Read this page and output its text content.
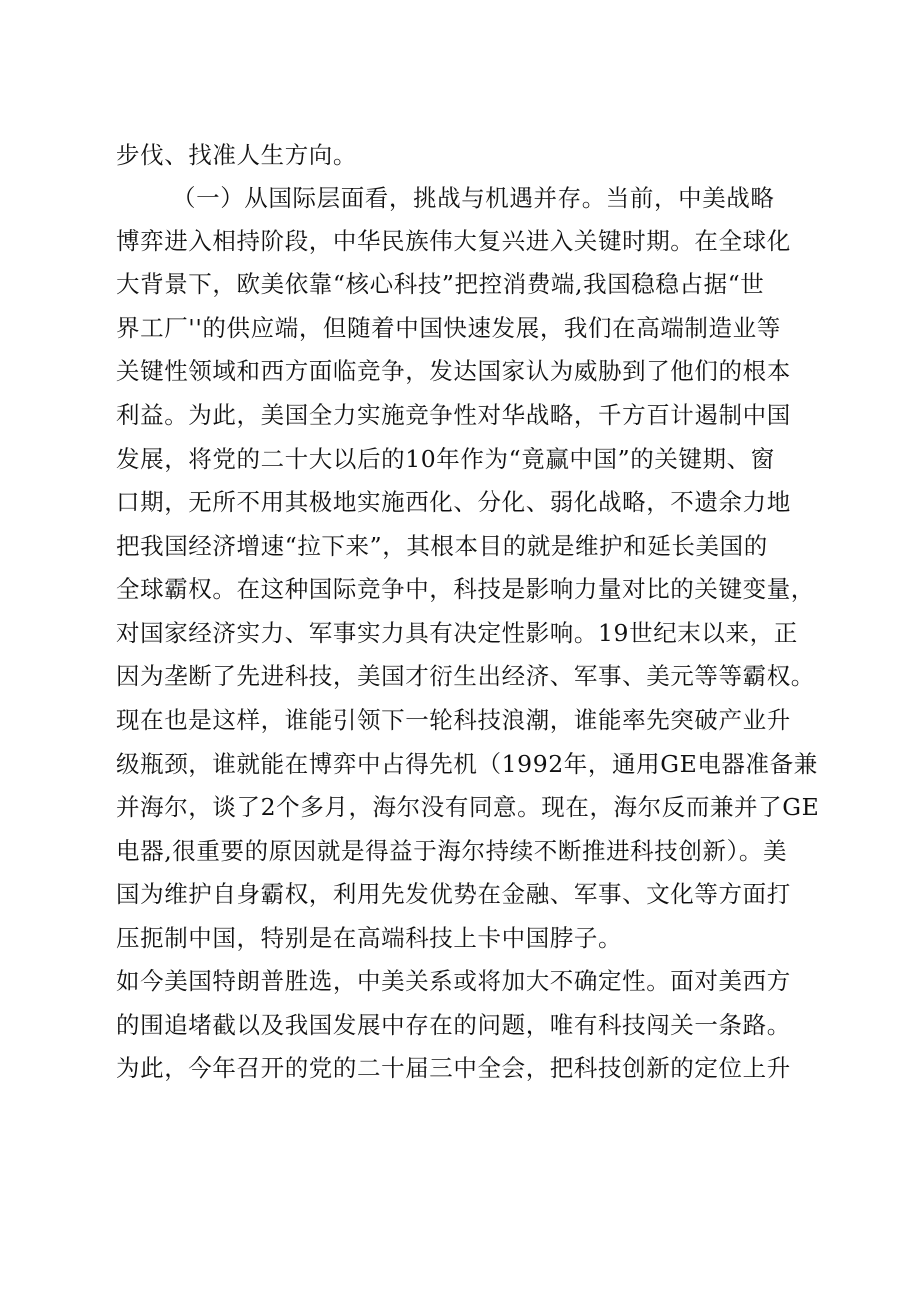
步伐、找准人生方向。
（一）从国际层面看，挑战与机遇并存。当前，中美战略
博弈进入相持阶段，中华民族伟大复兴进入关键时期。在全球化
大背景下，欧美依靠“核心科技”把控消费端,我国稳稳占据“世
界工厂''的供应端，但随着中国快速发展，我们在高端制造业等
关键性领域和西方面临竞争，发达国家认为威胁到了他们的根本
利益。为此，美国全力实施竞争性对华战略，千方百计遏制中国
发展，将党的二十大以后的10年作为“竟赢中国”的关键期、窗
口期，无所不用其极地实施西化、分化、弱化战略，不遗余力地
把我国经济增速“拉下来”，其根本目的就是维护和延长美国的
全球霸权。在这种国际竞争中，科技是影响力量对比的关键变量，
对国家经济实力、军事实力具有决定性影响。19世纪末以来，正
因为垄断了先进科技，美国才衍生出经济、军事、美元等等霸权。
现在也是这样，谁能引领下一轮科技浪潮，谁能率先突破产业升
级瓶颈，谁就能在博弈中占得先机（1992年，通用GE电器准备兼
并海尔，谈了2个多月，海尔没有同意。现在，海尔反而兼并了GE
电器,很重要的原因就是得益于海尔持续不断推进科技创新）。美
国为维护自身霸权，利用先发优势在金融、军事、文化等方面打
压扼制中国，特别是在高端科技上卡中国脖子。
如今美国特朗普胜选，中美关系或将加大不确定性。面对美西方
的围追堵截以及我国发展中存在的问题，唯有科技闯关一条路。
为此，今年召开的党的二十届三中全会，把科技创新的定位上升
